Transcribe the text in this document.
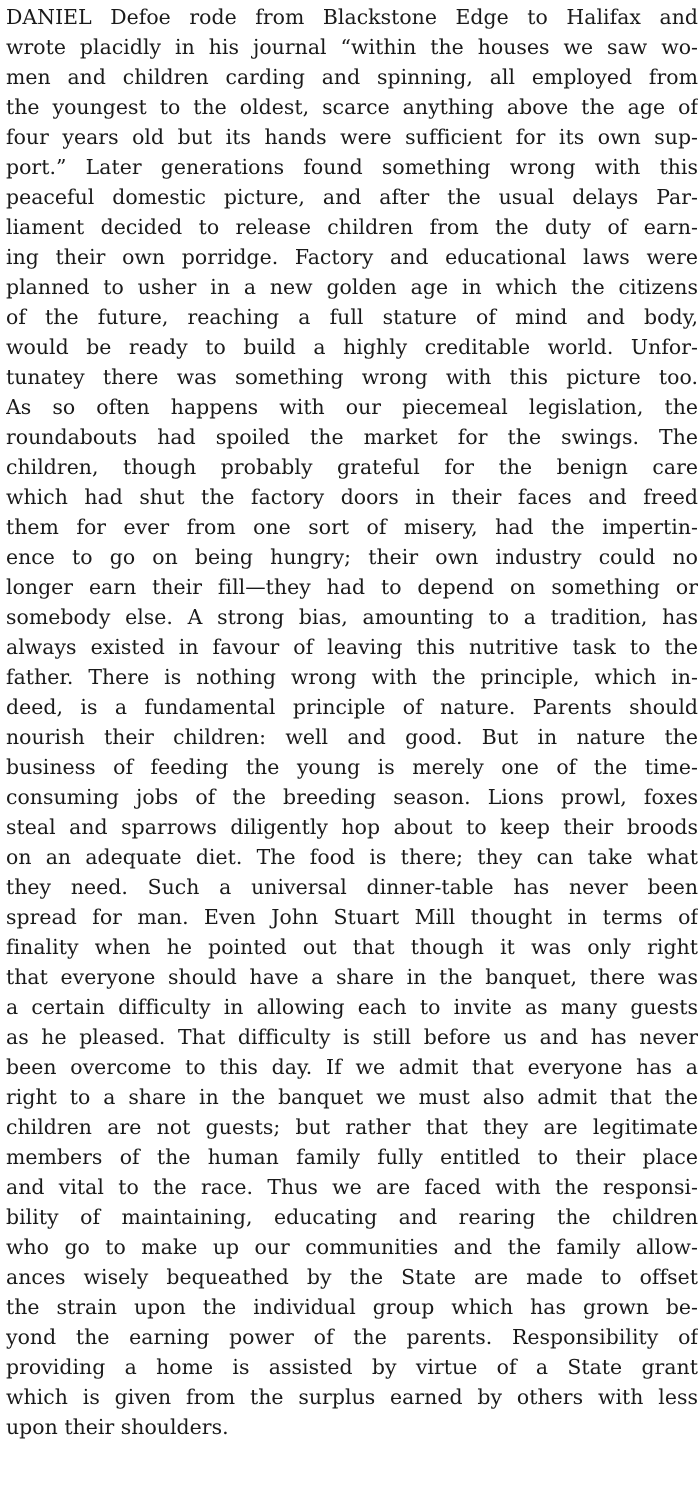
DANIEL Defoe rode from Blackstone Edge to Halifax and
wrote placidly in his journal “within the houses we saw wo-
men and children carding and spinning, all employed from
the youngest to the oldest, scarce anything above the age of
four years old but its hands were sufficient for its own sup-
port.” Later generations found something wrong with this
peaceful domestic picture, and after the usual delays Par-
liament decided to release children from the duty of earn-
ing their own porridge. Factory and educational laws were
planned to usher in a new golden age in which the citizens
of the future, reaching a full stature of mind and body,
would be ready to build a highly creditable world. Unfor-
tunatey there was something wrong with this picture too.
As so often happens with our piecemeal legislation, the
roundabouts had spoiled the market for the swings. The
children, though probably grateful for the benign care
which had shut the factory doors in their faces and freed
them for ever from one sort of misery, had the impertin-
ence to go on being hungry; their own industry could no
longer earn their fill—they had to depend on something or
somebody else. A strong bias, amounting to a tradition, has
always existed in favour of leaving this nutritive task to the
father. There is nothing wrong with the principle, which in-
deed, is a fundamental principle of nature. Parents should
nourish their children: well and good. But in nature the
business of feeding the young is merely one of the time-
consuming jobs of the breeding season. Lions prowl, foxes
steal and sparrows diligently hop about to keep their broods
on an adequate diet. The food is there; they can take what
they need. Such a universal dinner-table has never been
spread for man. Even John Stuart Mill thought in terms of
finality when he pointed out that though it was only right
that everyone should have a share in the banquet, there was
a certain difficulty in allowing each to invite as many guests
as he pleased. That difficulty is still before us and has never
been overcome to this day. If we admit that everyone has a
right to a share in the banquet we must also admit that the
children are not guests; but rather that they are legitimate
members of the human family fully entitled to their place
and vital to the race. Thus we are faced with the responsi-
bility of maintaining, educating and rearing the children
who go to make up our communities and the family allow-
ances wisely bequeathed by the State are made to offset
the strain upon the individual group which has grown be-
yond the earning power of the parents. Responsibility of
providing a home is assisted by virtue of a State grant
which is given from the surplus earned by others with less
upon their shoulders.
